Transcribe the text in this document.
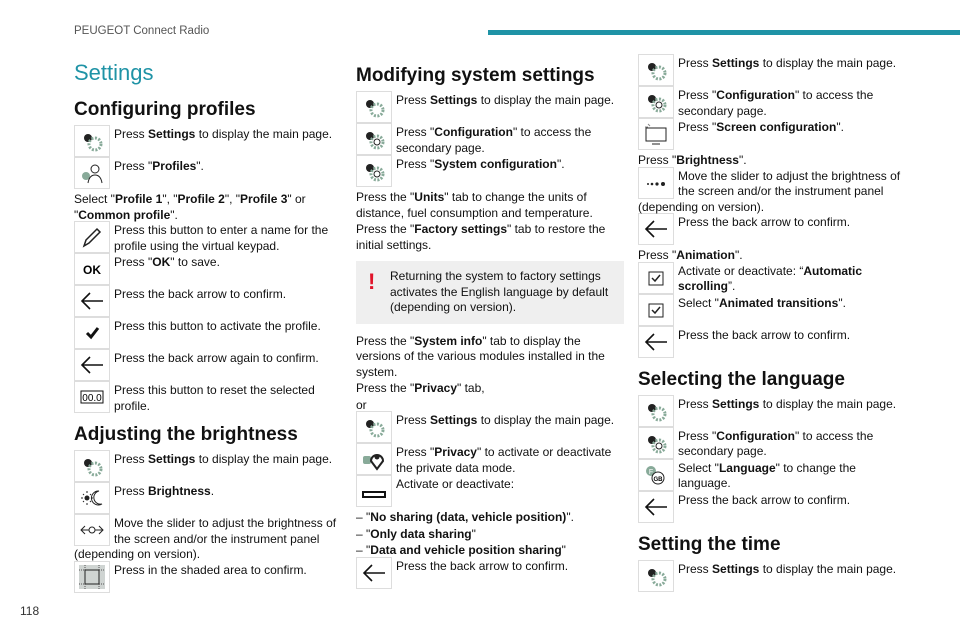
PEUGEOT Connect Radio
Settings
Configuring profiles
Press Settings to display the main page.
Press "Profiles".
Select "Profile 1", "Profile 2", "Profile 3" or "Common profile".
Press this button to enter a name for the profile using the virtual keypad.
OK
Press "OK" to save.
Press the back arrow to confirm.
Press this button to activate the profile.
Press the back arrow again to confirm.
00.0
Press this button to reset the selected profile.
Adjusting the brightness
Press Settings to display the main page.
Press Brightness.
Move the slider to adjust the brightness of the screen and/or the instrument panel (depending on version).
Press in the shaded area to confirm.
Modifying system settings
Press Settings to display the main page.
Press "Configuration" to access the secondary page.
Press "System configuration".
Press the "Units" tab to change the units of distance, fuel consumption and temperature.
Press the "Factory settings" tab to restore the initial settings.
! Returning the system to factory settings activates the English language by default (depending on version).
Press the "System info" tab to display the versions of the various modules installed in the system.
Press the "Privacy" tab,
or
Press Settings to display the main page.
Press "Privacy" to activate or deactivate the private data mode.
Activate or deactivate:
– "No sharing (data, vehicle position)".
– "Only data sharing"
– "Data and vehicle position sharing"
Press the back arrow to confirm.
Press Settings to display the main page.
Press "Configuration" to access the secondary page.
Press "Screen configuration".
Press "Brightness".
Move the slider to adjust the brightness of the screen and/or the instrument panel (depending on version).
Press the back arrow to confirm.
Press "Animation".
Activate or deactivate: “Automatic scrolling”.
Select "Animated transitions".
Press the back arrow to confirm.
Selecting the language
Press Settings to display the main page.
Press "Configuration" to access the secondary page.
F
GB
Select "Language" to change the language.
Press the back arrow to confirm.
Setting the time
Press Settings to display the main page.
118
